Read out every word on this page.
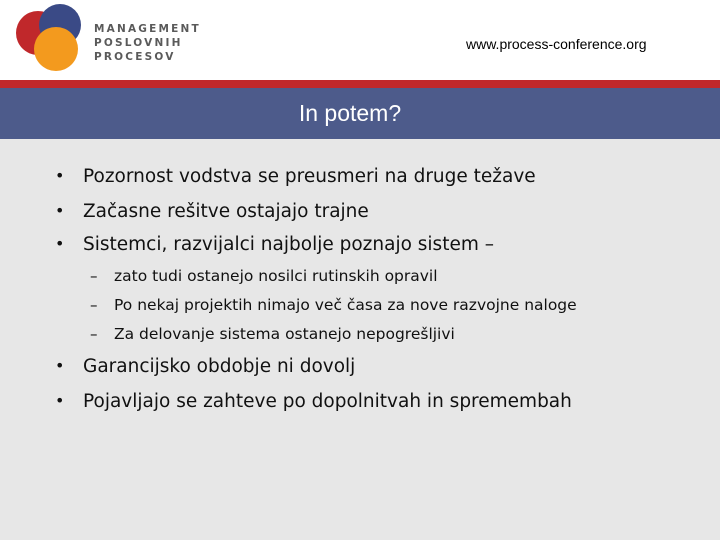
MANAGEMENT
POSLOVNIH
PROCESOV
www.process-conference.org
In potem?
• Pozornost vodstva se preusmeri na druge težave
• Začasne rešitve ostajajo trajne
• Sistemci, razvijalci najbolje poznajo sistem –
– zato tudi ostanejo nosilci rutinskih opravil
– Po nekaj projektih nimajo več časa za nove razvojne naloge
– Za delovanje sistema ostanejo nepogrešljivi
• Garancijsko obdobje ni dovolj
• Pojavljajo se zahteve po dopolnitvah in spremembah
